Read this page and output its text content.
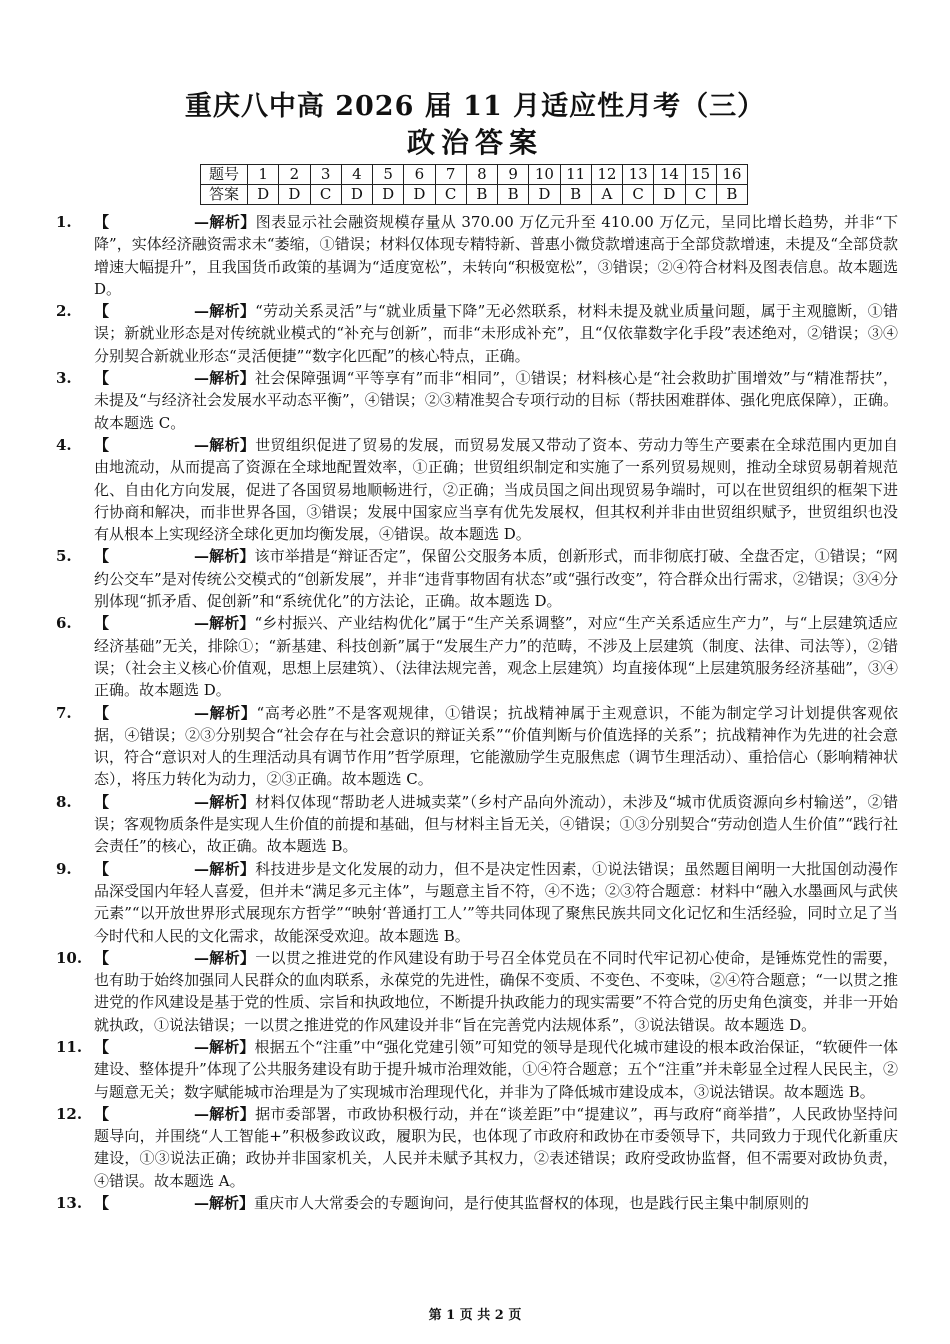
重庆八中高 2026 届 11 月适应性月考（三）
政治答案
题号	1	2	3	4	5	6	7	8	9	10	11	12	13	14	15	16
答案	D	D	C	D	D	D	C	B	B	D	B	A	C	D	C	B
1. 【	—解析】图表显示社会融资规模存量从 370.00 万亿元升至 410.00 万亿元，呈同比增长趋势，并非“下降”，实体经济融资需求未“萎缩，①错误；材料仅体现专精特新、普惠小微贷款增速高于全部贷款增速，未提及“全部贷款增速大幅提升”，且我国货币政策的基调为“适度宽松”，未转向“积极宽松”，③错误；②④符合材料及图表信息。故本题选 D。
2. 【	—解析】“劳动关系灵活”与“就业质量下降”无必然联系，材料未提及就业质量问题，属于主观臆断，①错误；新就业形态是对传统就业模式的“补充与创新”，而非“未形成补充”，且“仅依靠数字化手段”表述绝对，②错误；③④分别契合新就业形态“灵活便捷”“数字化匹配”的核心特点，正确。
3. 【	—解析】社会保障强调“平等享有”而非“相同”，①错误；材料核心是“社会救助扩围增效”与“精准帮扶”，未提及“与经济社会发展水平动态平衡”，④错误；②③精准契合专项行动的目标（帮扶困难群体、强化兜底保障），正确。故本题选 C。
4. 【	—解析】世贸组织促进了贸易的发展，而贸易发展又带动了资本、劳动力等生产要素在全球范围内更加自由地流动，从而提高了资源在全球地配置效率，①正确；世贸组织制定和实施了一系列贸易规则，推动全球贸易朝着规范化、自由化方向发展，促进了各国贸易地顺畅进行，②正确；当成员国之间出现贸易争端时，可以在世贸组织的框架下进行协商和解决，而非世界各国，③错误；发展中国家应当享有优先发展权，但其权利并非由世贸组织赋予，世贸组织也没有从根本上实现经济全球化更加均衡发展，④错误。故本题选 D。
5. 【	—解析】该市举措是“辩证否定”，保留公交服务本质，创新形式，而非彻底打破、全盘否定，①错误；“网约公交车”是对传统公交模式的“创新发展”，并非“违背事物固有状态”或“强行改变”，符合群众出行需求，②错误；③④分别体现“抓矛盾、促创新”和“系统优化”的方法论，正确。故本题选 D。
6. 【	—解析】“乡村振兴、产业结构优化”属于“生产关系调整”，对应“生产关系适应生产力”，与“上层建筑适应经济基础”无关，排除①；“新基建、科技创新”属于“发展生产力”的范畴，不涉及上层建筑（制度、法律、司法等），②错误；（社会主义核心价值观，思想上层建筑）、（法律法规完善，观念上层建筑）均直接体现“上层建筑服务经济基础”，③④正确。故本题选 D。
7. 【	—解析】“高考必胜”不是客观规律，①错误；抗战精神属于主观意识，不能为制定学习计划提供客观依据，④错误；②③分别契合“社会存在与社会意识的辩证关系”“价值判断与价值选择的关系”；抗战精神作为先进的社会意识，符合“意识对人的生理活动具有调节作用”哲学原理，它能激励学生克服焦虑（调节生理活动）、重拾信心（影响精神状态），将压力转化为动力，②③正确。故本题选 C。
8. 【	—解析】材料仅体现“帮助老人进城卖菜”（乡村产品向外流动），未涉及“城市优质资源向乡村输送”，②错误；客观物质条件是实现人生价值的前提和基础，但与材料主旨无关，④错误；①③分别契合“劳动创造人生价值”“践行社会责任”的核心，故正确。故本题选 B。
9. 【	—解析】科技进步是文化发展的动力，但不是决定性因素，①说法错误；虽然题目阐明一大批国创动漫作品深受国内年轻人喜爱，但并未“满足多元主体”，与题意主旨不符，④不选；②③符合题意：材料中“融入水墨画风与武侠元素”“以开放世界形式展现东方哲学”“映射‘普通打工人’”等共同体现了聚焦民族共同文化记忆和生活经验，同时立足了当今时代和人民的文化需求，故能深受欢迎。故本题选 B。
10. 【	—解析】一以贯之推进党的作风建设有助于号召全体党员在不同时代牢记初心使命，是锤炼党性的需要，也有助于始终加强同人民群众的血肉联系，永葆党的先进性，确保不变质、不变色、不变味，②④符合题意；“一以贯之推进党的作风建设是基于党的性质、宗旨和执政地位，不断提升执政能力的现实需要”不符合党的历史角色演变，并非一开始就执政，①说法错误；一以贯之推进党的作风建设并非“旨在完善党内法规体系”，③说法错误。故本题选 D。
11. 【	—解析】根据五个“注重”中“强化党建引领”可知党的领导是现代化城市建设的根本政治保证，“软硬件一体建设、整体提升”体现了公共服务建设有助于提升城市治理效能，①④符合题意；五个“注重”并未彰显全过程人民民主，②与题意无关；数字赋能城市治理是为了实现城市治理现代化，并非为了降低城市建设成本，③说法错误。故本题选 B。
12. 【	—解析】据市委部署，市政协积极行动，并在“谈差距”中“提建议”，再与政府“商举措”，人民政协坚持问题导向，并围绕“人工智能+”积极参政议政，履职为民，也体现了市政府和政协在市委领导下，共同致力于现代化新重庆建设，①③说法正确；政协并非国家机关，人民并未赋予其权力，②表述错误；政府受政协监督，但不需要对政协负责，④错误。故本题选 A。
13. 【	—解析】重庆市人大常委会的专题询问，是行使其监督权的体现，也是践行民主集中制原则的
第 1 页 共 2 页
